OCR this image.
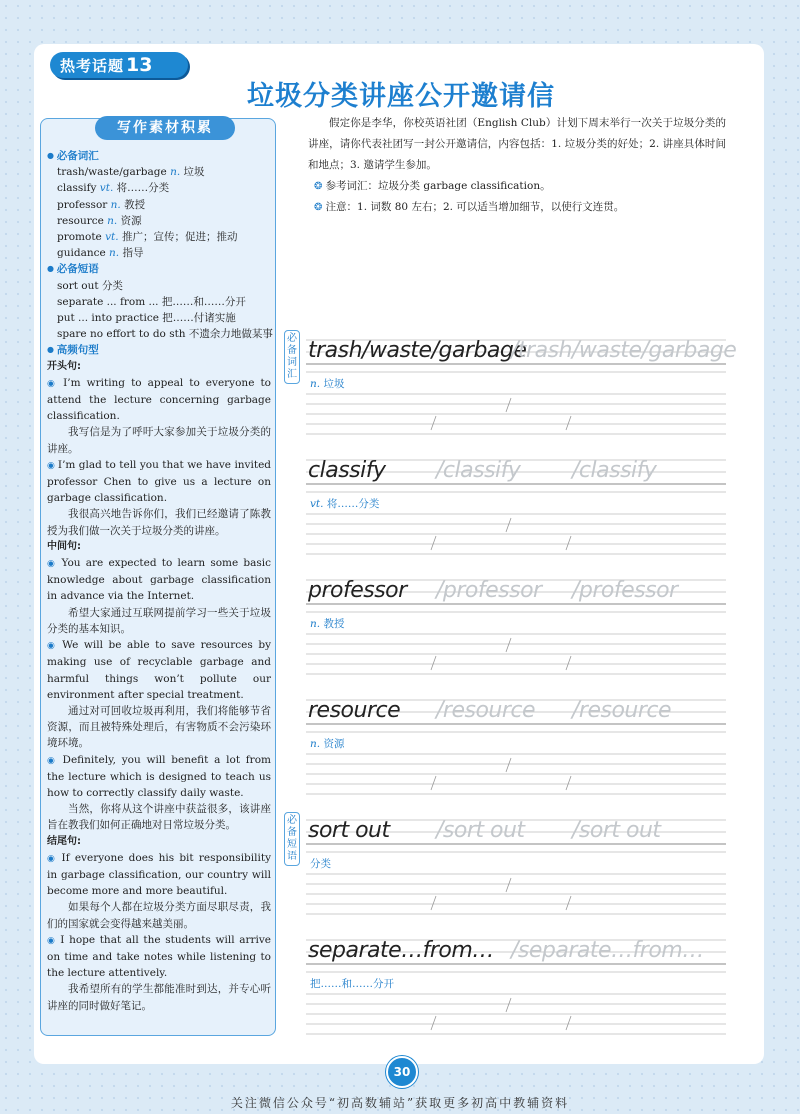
热考话题 13
垃圾分类讲座公开邀请信
写作素材积累
● 必备词汇
trash/waste/garbage n. 垃圾
classify vt. 将……分类
professor n. 教授
resource n. 资源
promote vt. 推广；宣传；促进；推动
guidance n. 指导
● 必备短语
sort out 分类
separate ... from ... 把……和……分开
put ... into practice 把……付诸实施
spare no effort to do sth 不遗余力地做某事
● 高频句型
开头句:
◉ I’m writing to appeal to everyone to attend the lecture concerning garbage classification.
我写信是为了呼吁大家参加关于垃圾分类的讲座。
◉ I’m glad to tell you that we have invited professor Chen to give us a lecture on garbage classification.
我很高兴地告诉你们，我们已经邀请了陈教授为我们做一次关于垃圾分类的讲座。
中间句:
◉ You are expected to learn some basic knowledge about garbage classification in advance via the Internet.
希望大家通过互联网提前学习一些关于垃圾分类的基本知识。
◉ We will be able to save resources by making use of recyclable garbage and harmful things won’t pollute our environment after special treatment.
通过对可回收垃圾再利用，我们将能够节省资源，而且被特殊处理后，有害物质不会污染环境环境。
◉ Definitely, you will benefit a lot from the lecture which is designed to teach us how to correctly classify daily waste.
当然，你将从这个讲座中获益很多，该讲座旨在教我们如何正确地对日常垃圾分类。
结尾句:
◉ If everyone does his bit responsibility in garbage classification, our country will become more and more beautiful.
如果每个人都在垃圾分类方面尽职尽责，我们的国家就会变得越来越美丽。
◉ I hope that all the students will arrive on time and take notes while listening to the lecture attentively.
我希望所有的学生都能准时到达，并专心听讲座的同时做好笔记。

假定你是李华，你校英语社团（English Club）计划下周末举行一次关于垃圾分类的讲座，请你代表社团写一封公开邀请信，内容包括：1. 垃圾分类的好处；2. 讲座具体时间和地点；3. 邀请学生参加。

❂ 参考词汇：垃圾分类 garbage classification。

❂ 注意：1. 词数 80 左右；2. 可以适当增加细节，以使行文连贯。

必备词汇
必备短语
trash/waste/garbage
/trash/waste/garbage
n. 垃圾
classify /classify /classify
vt. 将……分类
professor /professor /professor
n. 教授
resource /resource /resource
n. 资源
sort out /sort out /sort out
分类
separate…from… /separate…from…
把……和……分开
30
关注微信公众号“初高数辅站”获取更多初高中教辅资料
